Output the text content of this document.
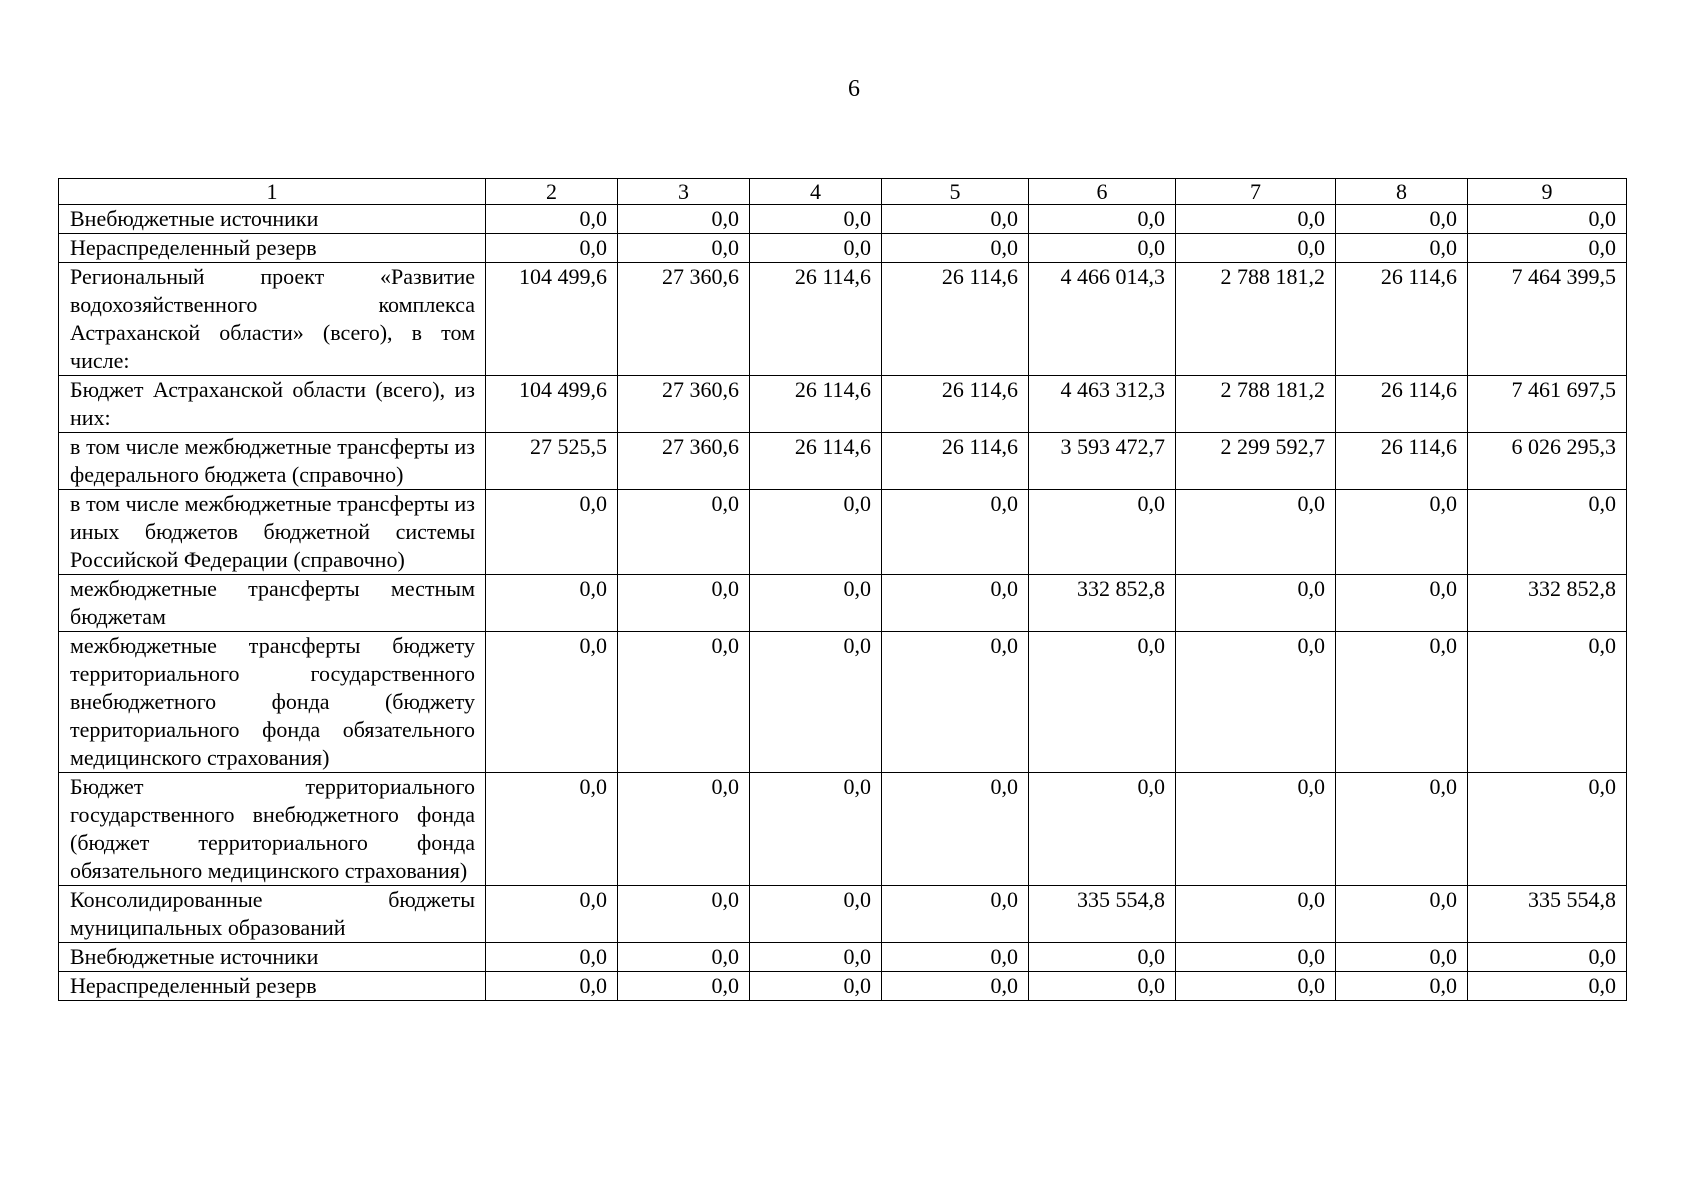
6
1	2	3	4	5	6	7	8	9
Внебюджетные источники	0,0	0,0	0,0	0,0	0,0	0,0	0,0	0,0
Нераспределенный резерв	0,0	0,0	0,0	0,0	0,0	0,0	0,0	0,0
Региональный проект «Развитие водохозяйственного комплекса Астраханской области» (всего), в том числе:	104 499,6	27 360,6	26 114,6	26 114,6	4 466 014,3	2 788 181,2	26 114,6	7 464 399,5
Бюджет Астраханской области (всего), из них:	104 499,6	27 360,6	26 114,6	26 114,6	4 463 312,3	2 788 181,2	26 114,6	7 461 697,5
в том числе межбюджетные трансферты из федерального бюджета (справочно)	27 525,5	27 360,6	26 114,6	26 114,6	3 593 472,7	2 299 592,7	26 114,6	6 026 295,3
в том числе межбюджетные трансферты из иных бюджетов бюджетной системы Российской Федерации (справочно)	0,0	0,0	0,0	0,0	0,0	0,0	0,0	0,0
межбюджетные трансферты местным бюджетам	0,0	0,0	0,0	0,0	332 852,8	0,0	0,0	332 852,8
межбюджетные трансферты бюджету территориального государственного внебюджетного фонда (бюджету территориального фонда обязательного медицинского страхования)	0,0	0,0	0,0	0,0	0,0	0,0	0,0	0,0
Бюджет территориального государственного внебюджетного фонда (бюджет территориального фонда обязательного медицинского страхования)	0,0	0,0	0,0	0,0	0,0	0,0	0,0	0,0
Консолидированные бюджеты муниципальных образований	0,0	0,0	0,0	0,0	335 554,8	0,0	0,0	335 554,8
Внебюджетные источники	0,0	0,0	0,0	0,0	0,0	0,0	0,0	0,0
Нераспределенный резерв	0,0	0,0	0,0	0,0	0,0	0,0	0,0	0,0
